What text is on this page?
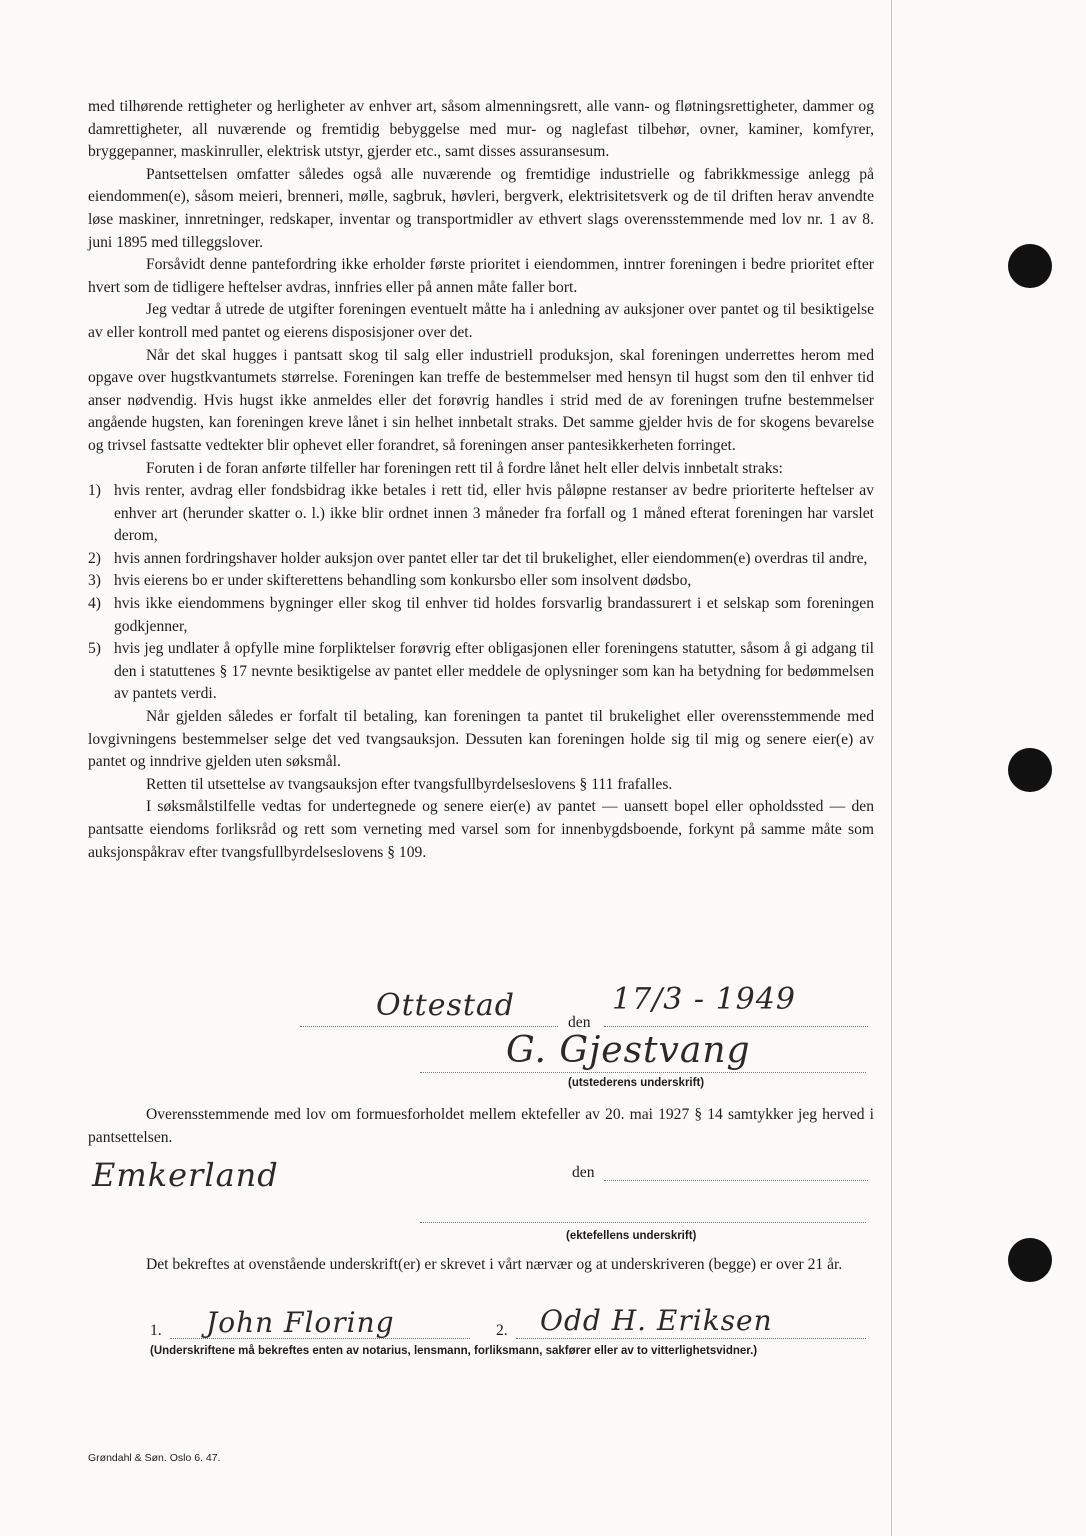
med tilhørende rettigheter og herligheter av enhver art, såsom almenningsrett, alle vann- og fløtningsrettigheter, dammer og damrettigheter, all nuværende og fremtidig bebyggelse med mur- og naglefast tilbehør, ovner, kaminer, komfyrer, bryggepanner, maskinruller, elektrisk utstyr, gjerder etc., samt disses assuransesum.

Pantsettelsen omfatter således også alle nuværende og fremtidige industrielle og fabrikkmessige anlegg på eiendommen(e), såsom meieri, brenneri, mølle, sagbruk, høvleri, bergverk, elektrisitetsverk og de til driften herav anvendte løse maskiner, innretninger, redskaper, inventar og transportmidler av ethvert slags overensstemmende med lov nr. 1 av 8. juni 1895 med tilleggslover.

Forsåvidt denne pantefordring ikke erholder første prioritet i eiendommen, inntrer foreningen i bedre prioritet efter hvert som de tidligere heftelser avdras, innfries eller på annen måte faller bort.

Jeg vedtar å utrede de utgifter foreningen eventuelt måtte ha i anledning av auksjoner over pantet og til besiktigelse av eller kontroll med pantet og eierens disposisjoner over det.

Når det skal hugges i pantsatt skog til salg eller industriell produksjon, skal foreningen underrettes herom med opgave over hugstkvantumets størrelse. Foreningen kan treffe de bestemmelser med hensyn til hugst som den til enhver tid anser nødvendig. Hvis hugst ikke anmeldes eller det forøvrig handles i strid med de av foreningen trufne bestemmelser angående hugsten, kan foreningen kreve lånet i sin helhet innbetalt straks. Det samme gjelder hvis de for skogens bevarelse og trivsel fastsatte vedtekter blir ophevet eller forandret, så foreningen anser pantesikkerheten forringet.

Foruten i de foran anførte tilfeller har foreningen rett til å fordre lånet helt eller delvis innbetalt straks:

1) hvis renter, avdrag eller fondsbidrag ikke betales i rett tid, eller hvis påløpne restanser av bedre prioriterte heftelser av enhver art (herunder skatter o. l.) ikke blir ordnet innen 3 måneder fra forfall og 1 måned efterat foreningen har varslet derom,
2) hvis annen fordringshaver holder auksjon over pantet eller tar det til brukelighet, eller eiendommen(e) overdras til andre,
3) hvis eierens bo er under skifterettens behandling som konkursbo eller som insolvent dødsbo,
4) hvis ikke eiendommens bygninger eller skog til enhver tid holdes forsvarlig brandassurert i et selskap som foreningen godkjenner,
5) hvis jeg undlater å opfylle mine forpliktelser forøvrig efter obligasjonen eller foreningens statutter, såsom å gi adgang til den i statuttenes § 17 nevnte besiktigelse av pantet eller meddele de oplysninger som kan ha betydning for bedømmelsen av pantets verdi.

Når gjelden således er forfalt til betaling, kan foreningen ta pantet til brukelighet eller overensstemmende med lovgivningens bestemmelser selge det ved tvangsauksjon. Dessuten kan foreningen holde sig til mig og senere eier(e) av pantet og inndrive gjelden uten søksmål.

Retten til utsettelse av tvangsauksjon efter tvangsfullbyrdelseslovens § 111 frafalles.

I søksmålstilfelle vedtas for undertegnede og senere eier(e) av pantet — uansett bopel eller opholdssted — den pantsatte eiendoms forliksråd og rett som verneting med varsel som for innenbygdsboende, forkynt på samme måte som auksjonspåkrav efter tvangsfullbyrdelseslovens § 109.

Ottestad	den
17/3 - 1949
G. Gjestvang
(utstederens underskrift)
Overensstemmende med lov om formuesforholdet mellem ektefeller av 20. mai 1927 § 14 samtykker jeg herved i pantsettelsen.
Emkerland	den
(ektefellens underskrift)
Det bekreftes at ovenstående underskrift(er) er skrevet i vårt nærvær og at underskriveren (begge) er over 21 år.
1. John Floring	2. Odd H. Eriksen
(Underskriftene må bekreftes enten av notarius, lensmann, forliksmann, sakfører eller av to vitterlighetsvidner.)
Grøndahl & Søn. Oslo 6. 47.
